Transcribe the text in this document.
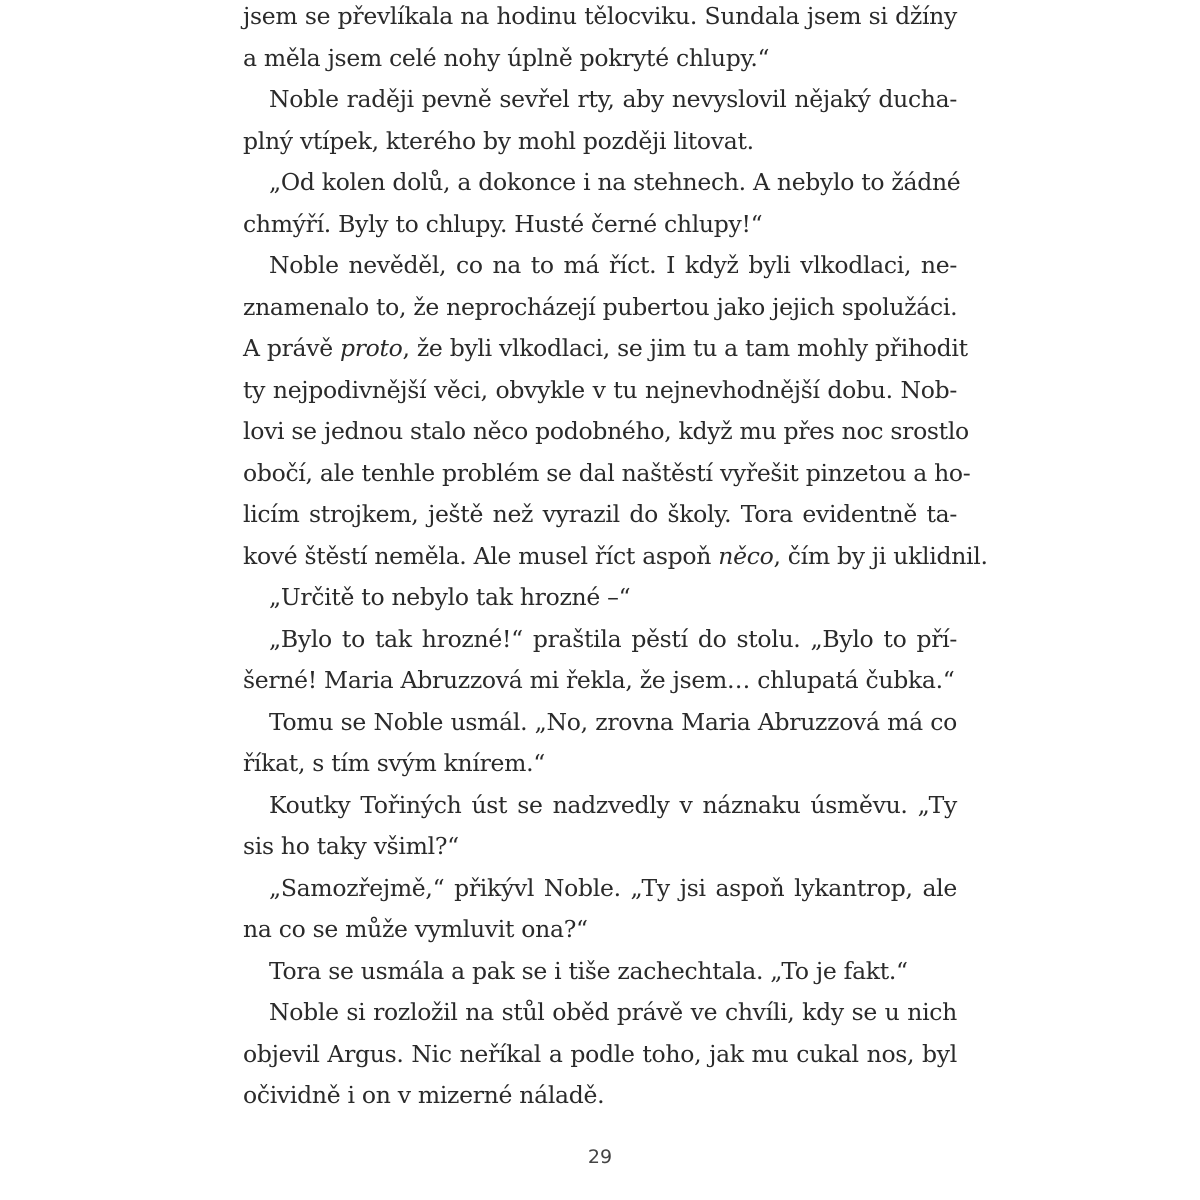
jsem se převlíkala na hodinu tělocviku. Sundala jsem si džíny
a měla jsem celé nohy úplně pokryté chlupy.“
Noble raději pevně sevřel rty, aby nevyslovil nějaký ducha-
plný vtípek, kterého by mohl později litovat.
„Od kolen dolů, a dokonce i na stehnech. A nebylo to žádné
chmýří. Byly to chlupy. Husté černé chlupy!“
Noble nevěděl, co na to má říct. I když byli vlkodlaci, ne-
znamenalo to, že neprocházejí pubertou jako jejich spolužáci.
A právě proto, že byli vlkodlaci, se jim tu a tam mohly přihodit
ty nejpodivnější věci, obvykle v tu nejnevhodnější dobu. Nob-
lovi se jednou stalo něco podobného, když mu přes noc srostlo
obočí, ale tenhle problém se dal naštěstí vyřešit pinzetou a ho-
licím strojkem, ještě než vyrazil do školy. Tora evidentně ta-
kové štěstí neměla. Ale musel říct aspoň něco, čím by ji uklidnil.
„Určitě to nebylo tak hrozné –“
„Bylo to tak hrozné!“ praštila pěstí do stolu. „Bylo to pří-
šerné! Maria Abruzzová mi řekla, že jsem… chlupatá čubka.“
Tomu se Noble usmál. „No, zrovna Maria Abruzzová má co
říkat, s tím svým knírem.“
Koutky Tořiných úst se nadzvedly v náznaku úsměvu. „Ty
sis ho taky všiml?“
„Samozřejmě,“ přikývl Noble. „Ty jsi aspoň lykantrop, ale
na co se může vymluvit ona?“
Tora se usmála a pak se i tiše zachechtala. „To je fakt.“
Noble si rozložil na stůl oběd právě ve chvíli, kdy se u nich
objevil Argus. Nic neříkal a podle toho, jak mu cukal nos, byl
očividně i on v mizerné náladě.
29
